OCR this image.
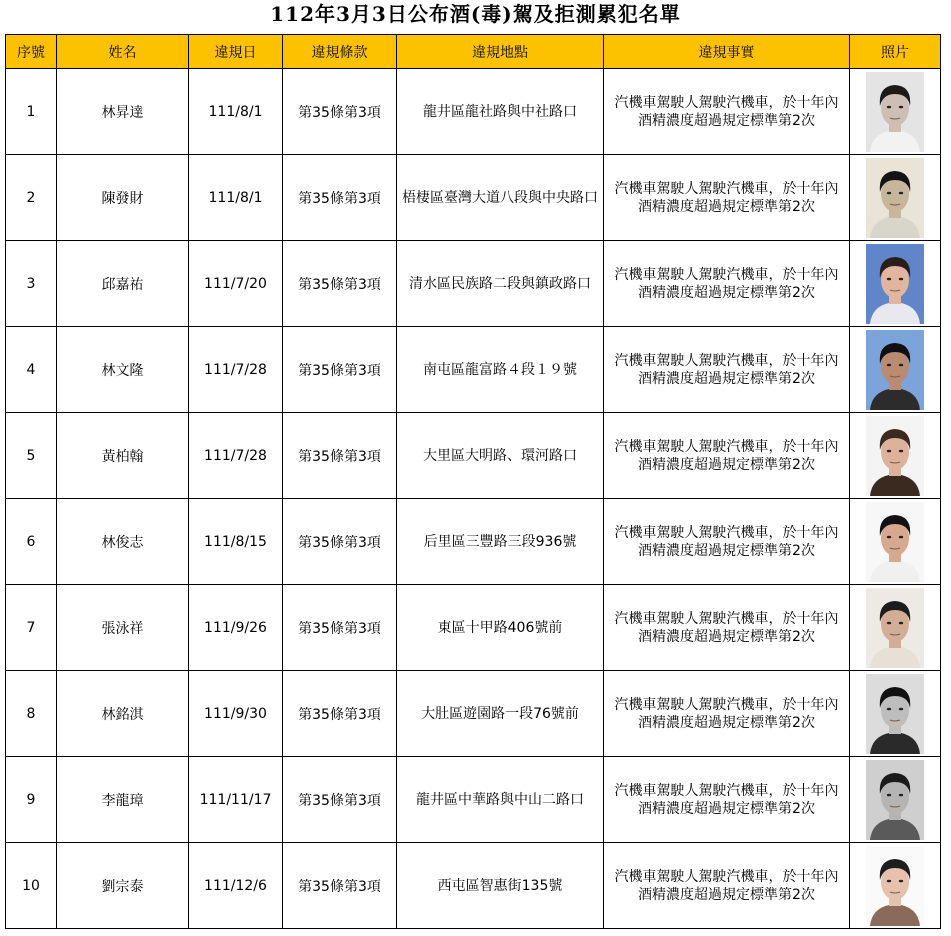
112年3月3日公布酒(毒)駕及拒測累犯名單
序號	姓名	違規日	違規條款	違規地點	違規事實	照片
1	林昇達	111/8/1	第35條第3項	龍井區龍社路與中社路口	汽機車駕駛人駕駛汽機車，於十年內
酒精濃度超過規定標準第2次

2	陳發財	111/8/1	第35條第3項	梧棲區臺灣大道八段與中央路口	汽機車駕駛人駕駛汽機車，於十年內
酒精濃度超過規定標準第2次

3	邱嘉祐	111/7/20	第35條第3項	清水區民族路二段與鎮政路口	汽機車駕駛人駕駛汽機車，於十年內
酒精濃度超過規定標準第2次

4	林文隆	111/7/28	第35條第3項	南屯區龍富路４段１９號	汽機車駕駛人駕駛汽機車，於十年內
酒精濃度超過規定標準第2次

5	黃柏翰	111/7/28	第35條第3項	大里區大明路、環河路口	汽機車駕駛人駕駛汽機車，於十年內
酒精濃度超過規定標準第2次

6	林俊志	111/8/15	第35條第3項	后里區三豐路三段936號	汽機車駕駛人駕駛汽機車，於十年內
酒精濃度超過規定標準第2次

7	張泳祥	111/9/26	第35條第3項	東區十甲路406號前	汽機車駕駛人駕駛汽機車，於十年內
酒精濃度超過規定標準第2次

8	林銘淇	111/9/30	第35條第3項	大肚區遊園路一段76號前	汽機車駕駛人駕駛汽機車，於十年內
酒精濃度超過規定標準第2次

9	李龍璋	111/11/17	第35條第3項	龍井區中華路與中山二路口	汽機車駕駛人駕駛汽機車，於十年內
酒精濃度超過規定標準第2次

10	劉宗泰	111/12/6	第35條第3項	西屯區智惠街135號	汽機車駕駛人駕駛汽機車，於十年內
酒精濃度超過規定標準第2次
